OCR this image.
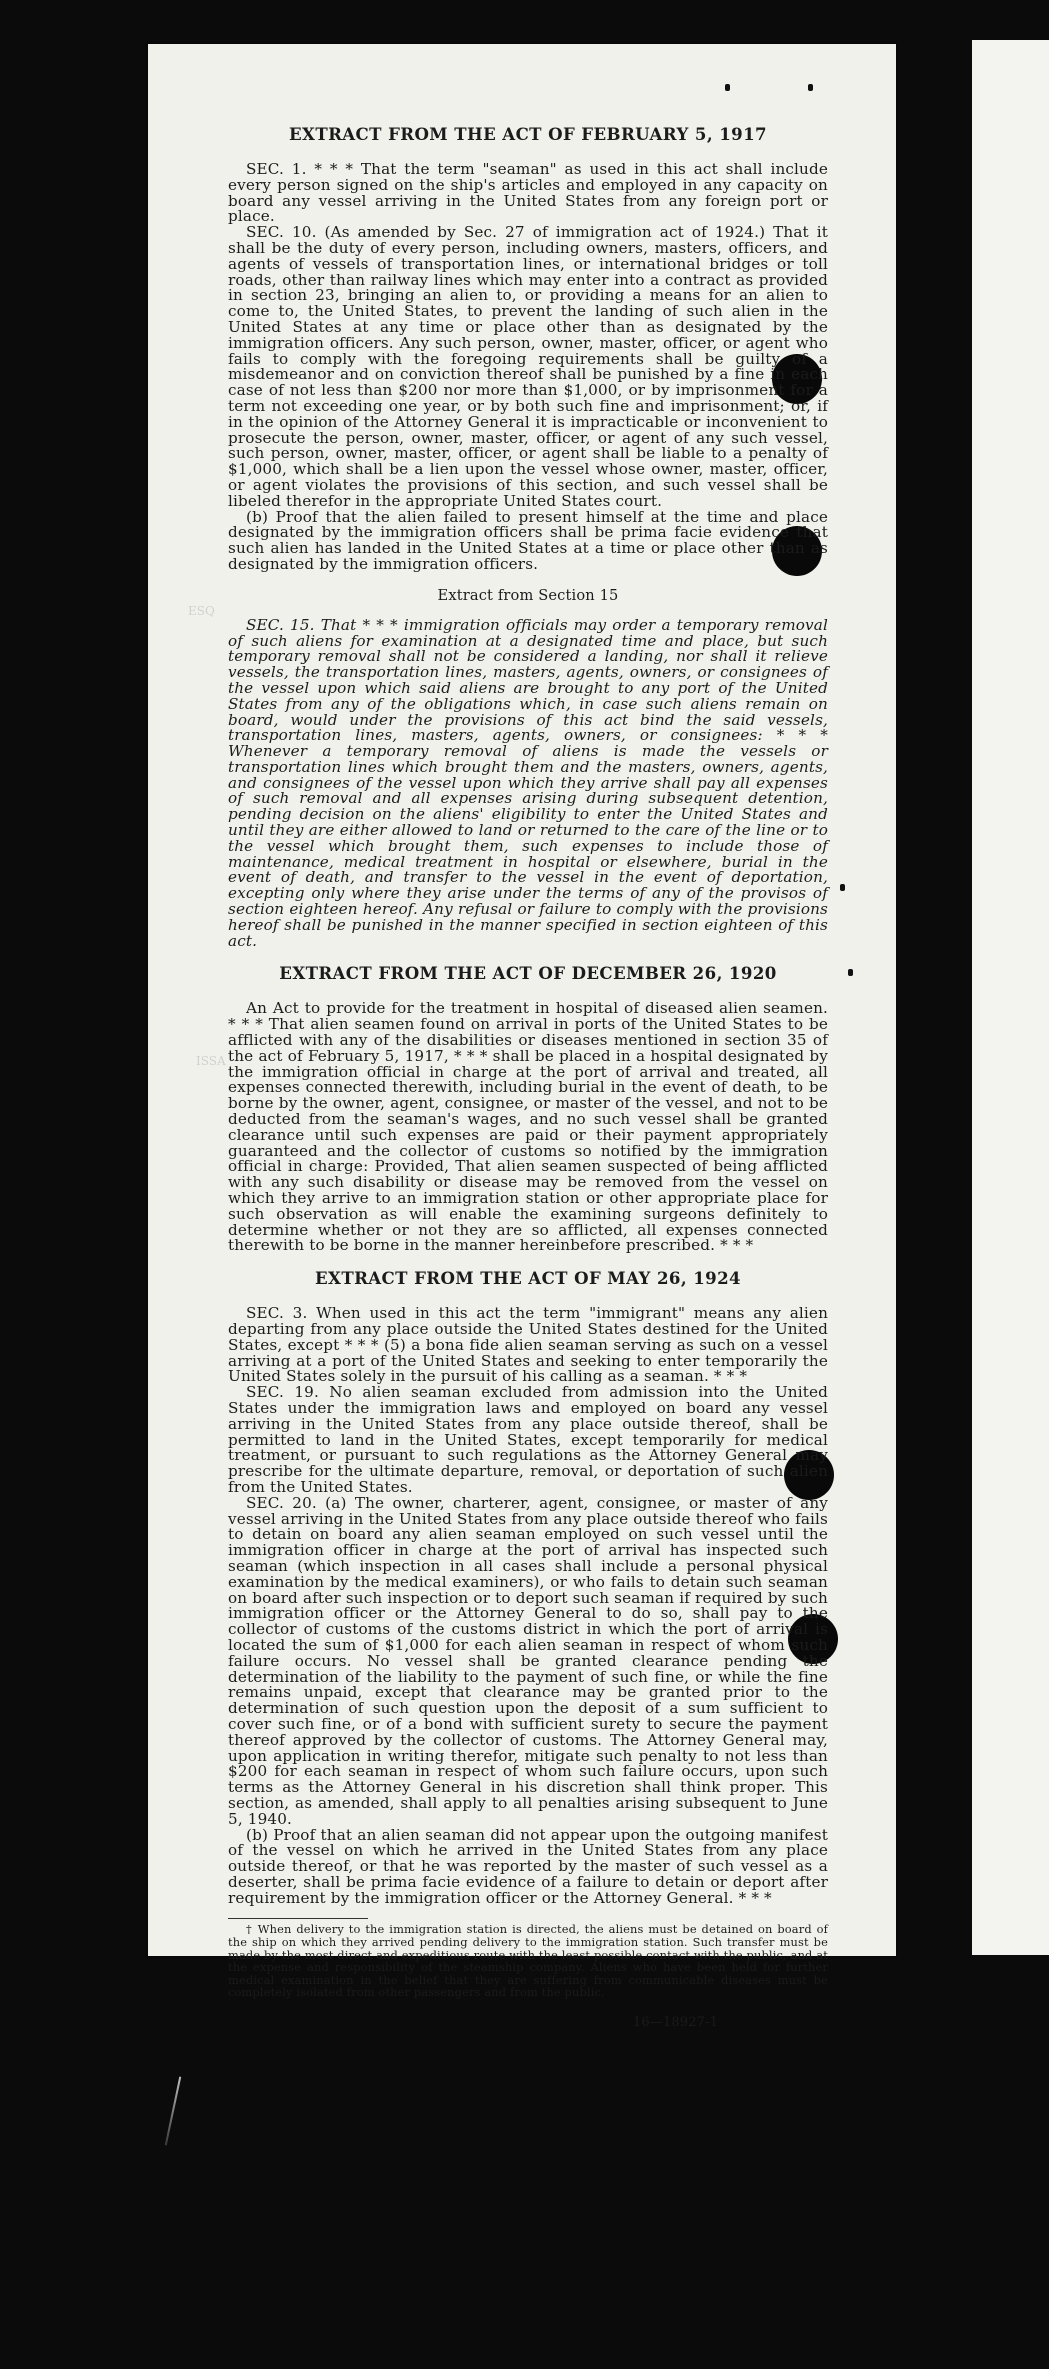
ESQ
ISSA
EXTRACT FROM THE ACT OF FEBRUARY 5, 1917

SEC. 1. * * * That the term "seaman" as used in this act shall include every person signed on the ship's articles and employed in any capacity on board any vessel arriving in the United States from any foreign port or place.

SEC. 10. (As amended by Sec. 27 of immigration act of 1924.) That it shall be the duty of every person, including owners, masters, officers, and agents of vessels of transportation lines, or international bridges or toll roads, other than railway lines which may enter into a contract as provided in section 23, bringing an alien to, or providing a means for an alien to come to, the United States, to prevent the landing of such alien in the United States at any time or place other than as designated by the immigration officers. Any such person, owner, master, officer, or agent who fails to comply with the foregoing requirements shall be guilty of a misdemeanor and on conviction thereof shall be punished by a fine in each case of not less than $200 nor more than $1,000, or by imprisonment for a term not exceeding one year, or by both such fine and imprisonment; or, if in the opinion of the Attorney General it is impracticable or inconvenient to prosecute the person, owner, master, officer, or agent of any such vessel, such person, owner, master, officer, or agent shall be liable to a penalty of $1,000, which shall be a lien upon the vessel whose owner, master, officer, or agent violates the provisions of this section, and such vessel shall be libeled therefor in the appropriate United States court.

(b) Proof that the alien failed to present himself at the time and place designated by the immigration officers shall be prima facie evidence that such alien has landed in the United States at a time or place other than as designated by the immigration officers.

Extract from Section 15

SEC. 15. That * * * immigration officials may order a temporary removal of such aliens for examination at a designated time and place, but such temporary removal shall not be considered a landing, nor shall it relieve vessels, the transportation lines, masters, agents, owners, or consignees of the vessel upon which said aliens are brought to any port of the United States from any of the obligations which, in case such aliens remain on board, would under the provisions of this act bind the said vessels, transportation lines, masters, agents, owners, or consignees: * * * Whenever a temporary removal of aliens is made the vessels or transportation lines which brought them and the masters, owners, agents, and consignees of the vessel upon which they arrive shall pay all expenses of such removal and all expenses arising during subsequent detention, pending decision on the aliens' eligibility to enter the United States and until they are either allowed to land or returned to the care of the line or to the vessel which brought them, such expenses to include those of maintenance, medical treatment in hospital or elsewhere, burial in the event of death, and transfer to the vessel in the event of deportation, excepting only where they arise under the terms of any of the provisos of section eighteen hereof. Any refusal or failure to comply with the provisions hereof shall be punished in the manner specified in section eighteen of this act.

EXTRACT FROM THE ACT OF DECEMBER 26, 1920

An Act to provide for the treatment in hospital of diseased alien seamen. * * * That alien seamen found on arrival in ports of the United States to be afflicted with any of the disabilities or diseases mentioned in section 35 of the act of February 5, 1917, * * * shall be placed in a hospital designated by the immigration official in charge at the port of arrival and treated, all expenses connected therewith, including burial in the event of death, to be borne by the owner, agent, consignee, or master of the vessel, and not to be deducted from the seaman's wages, and no such vessel shall be granted clearance until such expenses are paid or their payment appropriately guaranteed and the collector of customs so notified by the immigration official in charge: Provided, That alien seamen suspected of being afflicted with any such disability or disease may be removed from the vessel on which they arrive to an immigration station or other appropriate place for such observation as will enable the examining surgeons definitely to determine whether or not they are so afflicted, all expenses connected therewith to be borne in the manner hereinbefore prescribed. * * *

EXTRACT FROM THE ACT OF MAY 26, 1924

SEC. 3. When used in this act the term "immigrant" means any alien departing from any place outside the United States destined for the United States, except * * * (5) a bona fide alien seaman serving as such on a vessel arriving at a port of the United States and seeking to enter temporarily the United States solely in the pursuit of his calling as a seaman. * * *

SEC. 19. No alien seaman excluded from admission into the United States under the immigration laws and employed on board any vessel arriving in the United States from any place outside thereof, shall be permitted to land in the United States, except temporarily for medical treatment, or pursuant to such regulations as the Attorney General may prescribe for the ultimate departure, removal, or deportation of such alien from the United States.

SEC. 20. (a) The owner, charterer, agent, consignee, or master of any vessel arriving in the United States from any place outside thereof who fails to detain on board any alien seaman employed on such vessel until the immigration officer in charge at the port of arrival has inspected such seaman (which inspection in all cases shall include a personal physical examination by the medical examiners), or who fails to detain such seaman on board after such inspection or to deport such seaman if required by such immigration officer or the Attorney General to do so, shall pay to the collector of customs of the customs district in which the port of arrival is located the sum of $1,000 for each alien seaman in respect of whom such failure occurs. No vessel shall be granted clearance pending the determination of the liability to the payment of such fine, or while the fine remains unpaid, except that clearance may be granted prior to the determination of such question upon the deposit of a sum sufficient to cover such fine, or of a bond with sufficient surety to secure the payment thereof approved by the collector of customs. The Attorney General may, upon application in writing therefor, mitigate such penalty to not less than $200 for each seaman in respect of whom such failure occurs, upon such terms as the Attorney General in his discretion shall think proper. This section, as amended, shall apply to all penalties arising subsequent to June 5, 1940.

(b) Proof that an alien seaman did not appear upon the outgoing manifest of the vessel on which he arrived in the United States from any place outside thereof, or that he was reported by the master of such vessel as a deserter, shall be prima facie evidence of a failure to detain or deport after requirement by the immigration officer or the Attorney General. * * *

† When delivery to the immigration station is directed, the aliens must be detained on board of the ship on which they arrived pending delivery to the immigration station. Such transfer must be made by the most direct and expeditious route with the least possible contact with the public, and at the expense and responsibility of the steamship company. Aliens who have been held for further medical examination in the belief that they are suffering from communicable diseases must be completely isolated from other passengers and from the public.

16—18927-1
